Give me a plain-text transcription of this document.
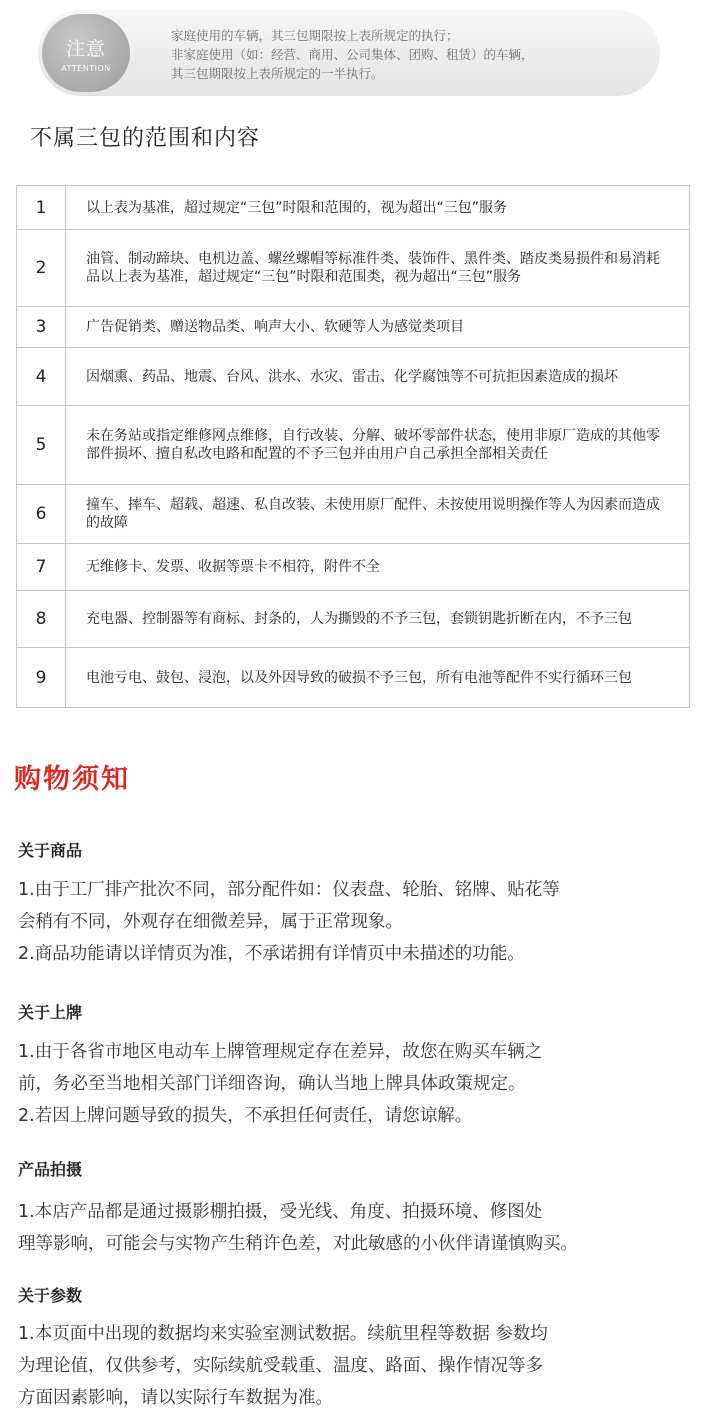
注意
ATTENTION
家庭使用的车辆，其三包期限按上表所规定的执行；
非家庭使用（如：经营、商用、公司集体、团购、租赁）的车辆，
其三包期限按上表所规定的一半执行。
不属三包的范围和内容
1	以上表为基准，超过规定“三包”时限和范围的，视为超出“三包”服务
2	油管、制动蹄块、电机边盖、螺丝螺帽等标准件类、装饰件、黑件类、踏皮类易损件和易消耗品以上表为基准，超过规定“三包”时限和范围类，视为超出“三包”服务
3	广告促销类、赠送物品类、响声大小、软硬等人为感觉类项目
4	因烟熏、药品、地震、台风、洪水、水灾、雷击、化学腐蚀等不可抗拒因素造成的损坏
5	未在务站或指定维修网点维修，自行改装、分解、破坏零部件状态，使用非原厂造成的其他零部件损坏、擅自私改电路和配置的不予三包并由用户自己承担全部相关责任
6	撞车、摔车、超载、超速、私自改装、未使用原厂配件、未按使用说明操作等人为因素而造成的故障
7	无维修卡、发票、收据等票卡不相符，附件不全
8	充电器、控制器等有商标、封条的，人为撕毁的不予三包，套锁钥匙折断在内，不予三包
9	电池亏电、鼓包、浸泡，以及外因导致的破损不予三包，所有电池等配件不实行循环三包
购物须知
关于商品
1.由于工厂排产批次不同，部分配件如：仪表盘、轮胎、铭牌、贴花等
会稍有不同，外观存在细微差异，属于正常现象。
2.商品功能请以详情页为准，不承诺拥有详情页中未描述的功能。
关于上牌
1.由于各省市地区电动车上牌管理规定存在差异，故您在购买车辆之
前，务必至当地相关部门详细咨询，确认当地上牌具体政策规定。
2.若因上牌问题导致的损失，不承担任何责任，请您谅解。
产品拍摄
1.本店产品都是通过摄影棚拍摄，受光线、角度、拍摄环境、修图处
理等影响，可能会与实物产生稍许色差，对此敏感的小伙伴请谨慎购买。
关于参数
1.本页面中出现的数据均来实验室测试数据。续航里程等数据 参数均
为理论值，仅供参考，实际续航受载重、温度、路面、操作情况等多
方面因素影响，请以实际行车数据为准。
